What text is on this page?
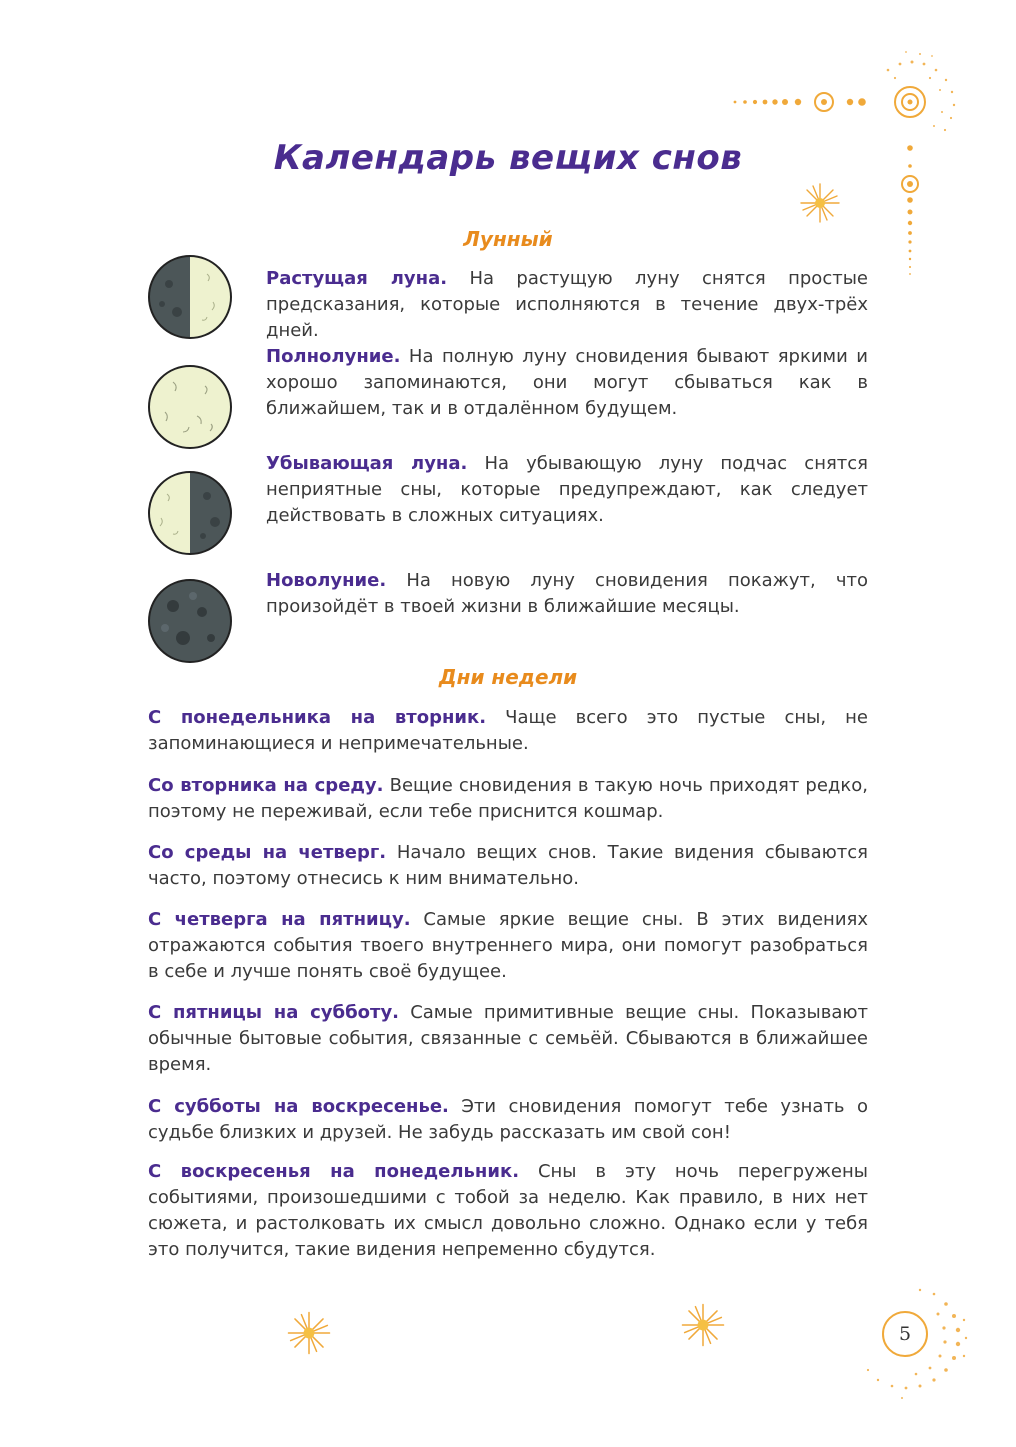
Календарь вещих снов
Лунный

Растущая луна. На растущую луну снятся простые предсказания, которые исполняются в течение двух-трёх дней.

Полнолуние. На полную луну сновидения бывают яркими и хорошо запоминаются, они могут сбываться как в ближайшем, так и в отдалённом будущем.

Убывающая луна. На убывающую луну подчас снятся неприятные сны, которые предупреждают, как следует действовать в сложных ситуациях.

Новолуние. На новую луну сновидения покажут, что произойдёт в твоей жизни в ближайшие месяцы.

Дни недели

С понедельника на вторник. Чаще всего это пустые сны, не запоминающиеся и непримечательные.

Со вторника на среду. Вещие сновидения в такую ночь приходят редко, поэтому не переживай, если тебе приснится кошмар.

Со среды на четверг. Начало вещих снов. Такие видения сбываются часто, поэтому отнесись к ним внимательно.

С четверга на пятницу. Самые яркие вещие сны. В этих видениях отражаются события твоего внутреннего мира, они помогут разобраться в себе и лучше понять своё будущее.

С пятницы на субботу. Самые примитивные вещие сны. Показывают обычные бытовые события, связанные с семьёй. Сбываются в ближайшее время.

С субботы на воскресенье. Эти сновидения помогут тебе узнать о судьбе близких и друзей. Не забудь рассказать им свой сон!

С воскресенья на понедельник. Сны в эту ночь перегружены событиями, произошедшими с тобой за неделю. Как правило, в них нет сюжета, и растолковать их смысл довольно сложно. Однако если у тебя это получится, такие видения непременно сбудутся.

5
